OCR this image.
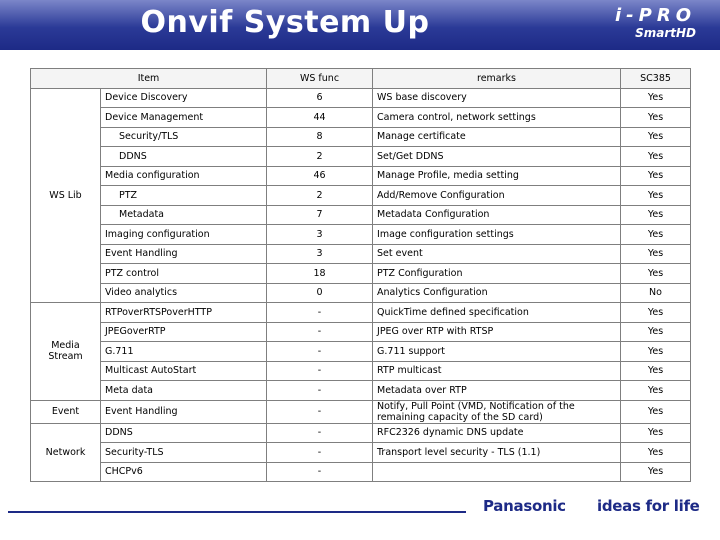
Onvif System Up	i-PRO
SmartHD
Item		WS func	remarks	SC385
WS Lib	Device Discovery	6	WS base discovery	Yes
	Device Management	44	Camera control, network settings	Yes
	Security/TLS	8	Manage certificate	Yes
	DDNS	2	Set/Get DDNS	Yes
	Media configuration	46	Manage Profile, media setting	Yes
	PTZ	2	Add/Remove Configuration	Yes
	Metadata	7	Metadata Configuration	Yes
	Imaging configuration	3	Image configuration settings	Yes
	Event Handling	3	Set event	Yes
	PTZ control	18	PTZ Configuration	Yes
	Video analytics	0	Analytics Configuration	No
Media
Stream	RTPoverRTSPoverHTTP	-	QuickTime defined specification	Yes
	JPEGoverRTP	-	JPEG over RTP with RTSP	Yes
	G.711	-	G.711 support	Yes
	Multicast AutoStart	-	RTP multicast	Yes
	Meta data	-	Metadata over RTP	Yes
Event	Event Handling	-	Notify, Pull Point (VMD, Notification of the remaining capacity of the SD card)	Yes
Network	DDNS	-	RFC2326 dynamic DNS update	Yes
	Security-TLS	-	Transport level security - TLS (1.1)	Yes
	CHCPv6	-		Yes
Panasonic ideas for life
